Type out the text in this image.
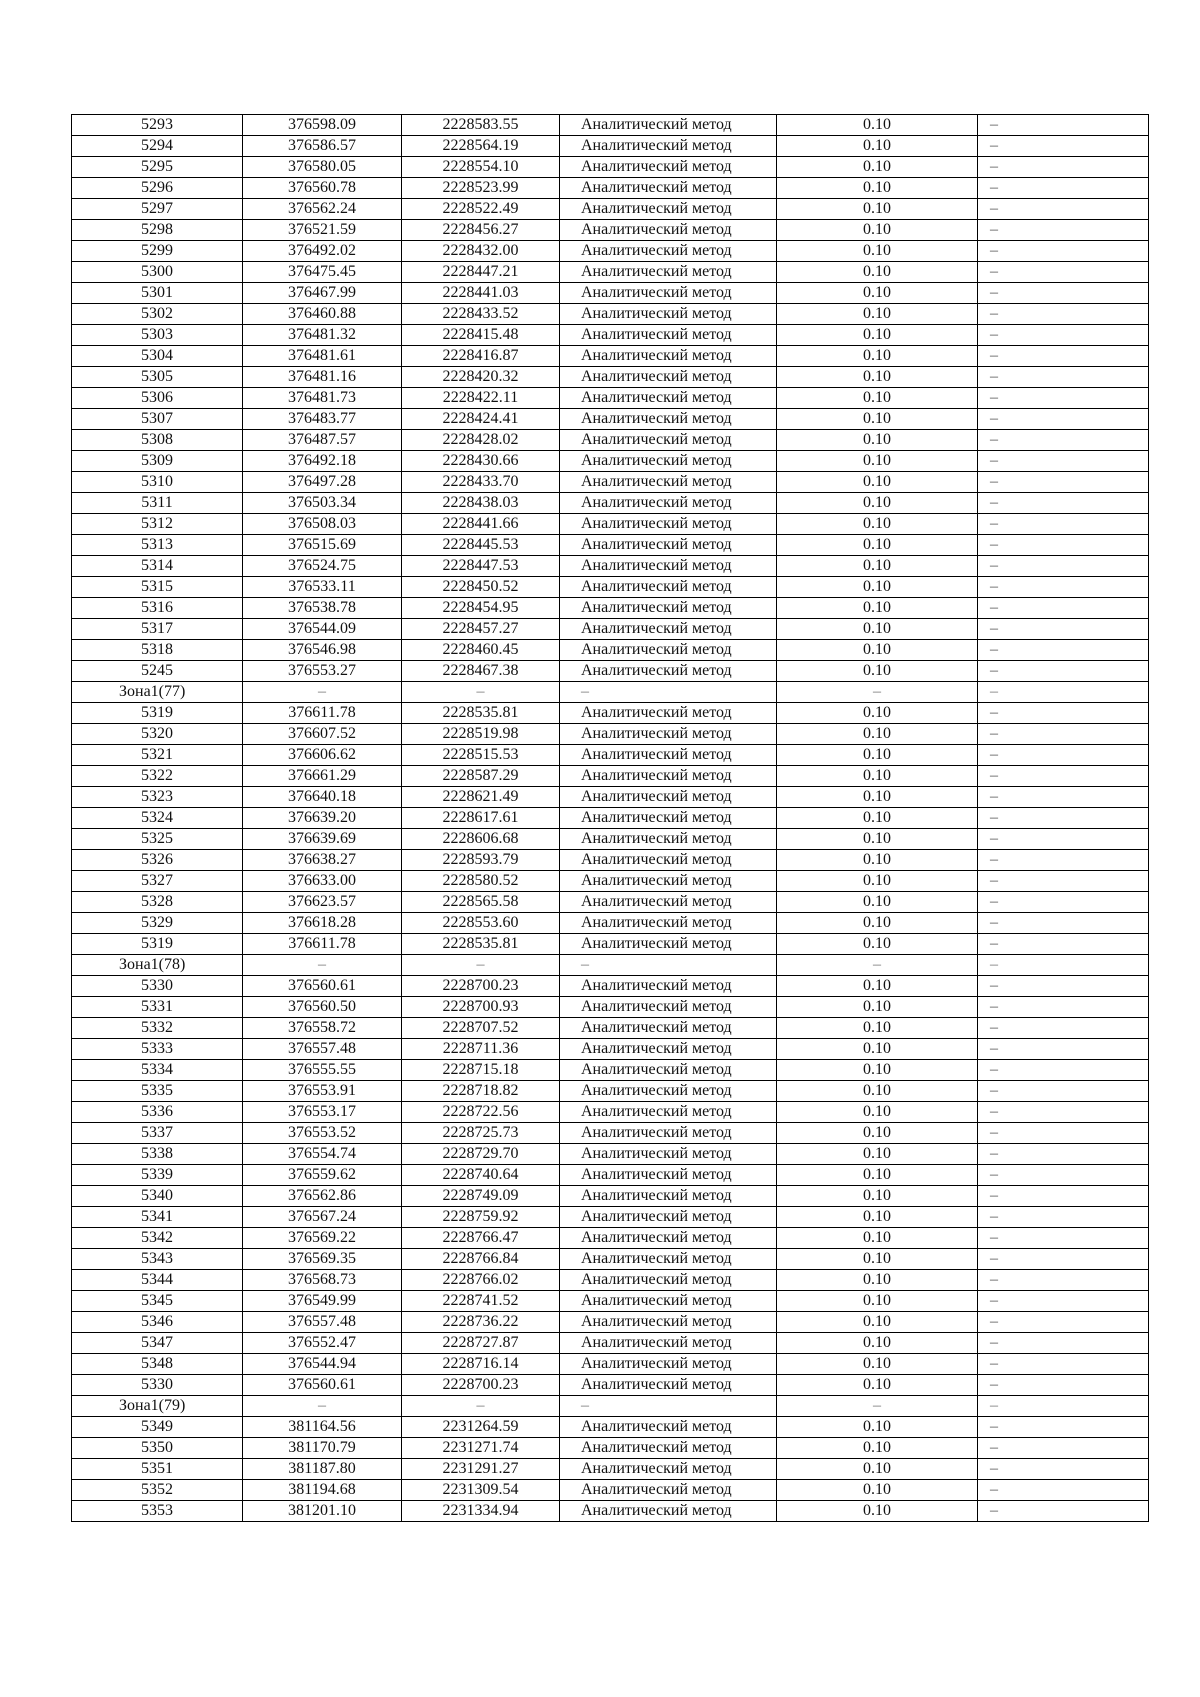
5293	376598.09	2228583.55	Аналитический метод	0.10	–
5294	376586.57	2228564.19	Аналитический метод	0.10	–
5295	376580.05	2228554.10	Аналитический метод	0.10	–
5296	376560.78	2228523.99	Аналитический метод	0.10	–
5297	376562.24	2228522.49	Аналитический метод	0.10	–
5298	376521.59	2228456.27	Аналитический метод	0.10	–
5299	376492.02	2228432.00	Аналитический метод	0.10	–
5300	376475.45	2228447.21	Аналитический метод	0.10	–
5301	376467.99	2228441.03	Аналитический метод	0.10	–
5302	376460.88	2228433.52	Аналитический метод	0.10	–
5303	376481.32	2228415.48	Аналитический метод	0.10	–
5304	376481.61	2228416.87	Аналитический метод	0.10	–
5305	376481.16	2228420.32	Аналитический метод	0.10	–
5306	376481.73	2228422.11	Аналитический метод	0.10	–
5307	376483.77	2228424.41	Аналитический метод	0.10	–
5308	376487.57	2228428.02	Аналитический метод	0.10	–
5309	376492.18	2228430.66	Аналитический метод	0.10	–
5310	376497.28	2228433.70	Аналитический метод	0.10	–
5311	376503.34	2228438.03	Аналитический метод	0.10	–
5312	376508.03	2228441.66	Аналитический метод	0.10	–
5313	376515.69	2228445.53	Аналитический метод	0.10	–
5314	376524.75	2228447.53	Аналитический метод	0.10	–
5315	376533.11	2228450.52	Аналитический метод	0.10	–
5316	376538.78	2228454.95	Аналитический метод	0.10	–
5317	376544.09	2228457.27	Аналитический метод	0.10	–
5318	376546.98	2228460.45	Аналитический метод	0.10	–
5245	376553.27	2228467.38	Аналитический метод	0.10	–
Зона1(77)	–	–	–	–	–
5319	376611.78	2228535.81	Аналитический метод	0.10	–
5320	376607.52	2228519.98	Аналитический метод	0.10	–
5321	376606.62	2228515.53	Аналитический метод	0.10	–
5322	376661.29	2228587.29	Аналитический метод	0.10	–
5323	376640.18	2228621.49	Аналитический метод	0.10	–
5324	376639.20	2228617.61	Аналитический метод	0.10	–
5325	376639.69	2228606.68	Аналитический метод	0.10	–
5326	376638.27	2228593.79	Аналитический метод	0.10	–
5327	376633.00	2228580.52	Аналитический метод	0.10	–
5328	376623.57	2228565.58	Аналитический метод	0.10	–
5329	376618.28	2228553.60	Аналитический метод	0.10	–
5319	376611.78	2228535.81	Аналитический метод	0.10	–
Зона1(78)	–	–	–	–	–
5330	376560.61	2228700.23	Аналитический метод	0.10	–
5331	376560.50	2228700.93	Аналитический метод	0.10	–
5332	376558.72	2228707.52	Аналитический метод	0.10	–
5333	376557.48	2228711.36	Аналитический метод	0.10	–
5334	376555.55	2228715.18	Аналитический метод	0.10	–
5335	376553.91	2228718.82	Аналитический метод	0.10	–
5336	376553.17	2228722.56	Аналитический метод	0.10	–
5337	376553.52	2228725.73	Аналитический метод	0.10	–
5338	376554.74	2228729.70	Аналитический метод	0.10	–
5339	376559.62	2228740.64	Аналитический метод	0.10	–
5340	376562.86	2228749.09	Аналитический метод	0.10	–
5341	376567.24	2228759.92	Аналитический метод	0.10	–
5342	376569.22	2228766.47	Аналитический метод	0.10	–
5343	376569.35	2228766.84	Аналитический метод	0.10	–
5344	376568.73	2228766.02	Аналитический метод	0.10	–
5345	376549.99	2228741.52	Аналитический метод	0.10	–
5346	376557.48	2228736.22	Аналитический метод	0.10	–
5347	376552.47	2228727.87	Аналитический метод	0.10	–
5348	376544.94	2228716.14	Аналитический метод	0.10	–
5330	376560.61	2228700.23	Аналитический метод	0.10	–
Зона1(79)	–	–	–	–	–
5349	381164.56	2231264.59	Аналитический метод	0.10	–
5350	381170.79	2231271.74	Аналитический метод	0.10	–
5351	381187.80	2231291.27	Аналитический метод	0.10	–
5352	381194.68	2231309.54	Аналитический метод	0.10	–
5353	381201.10	2231334.94	Аналитический метод	0.10	–
